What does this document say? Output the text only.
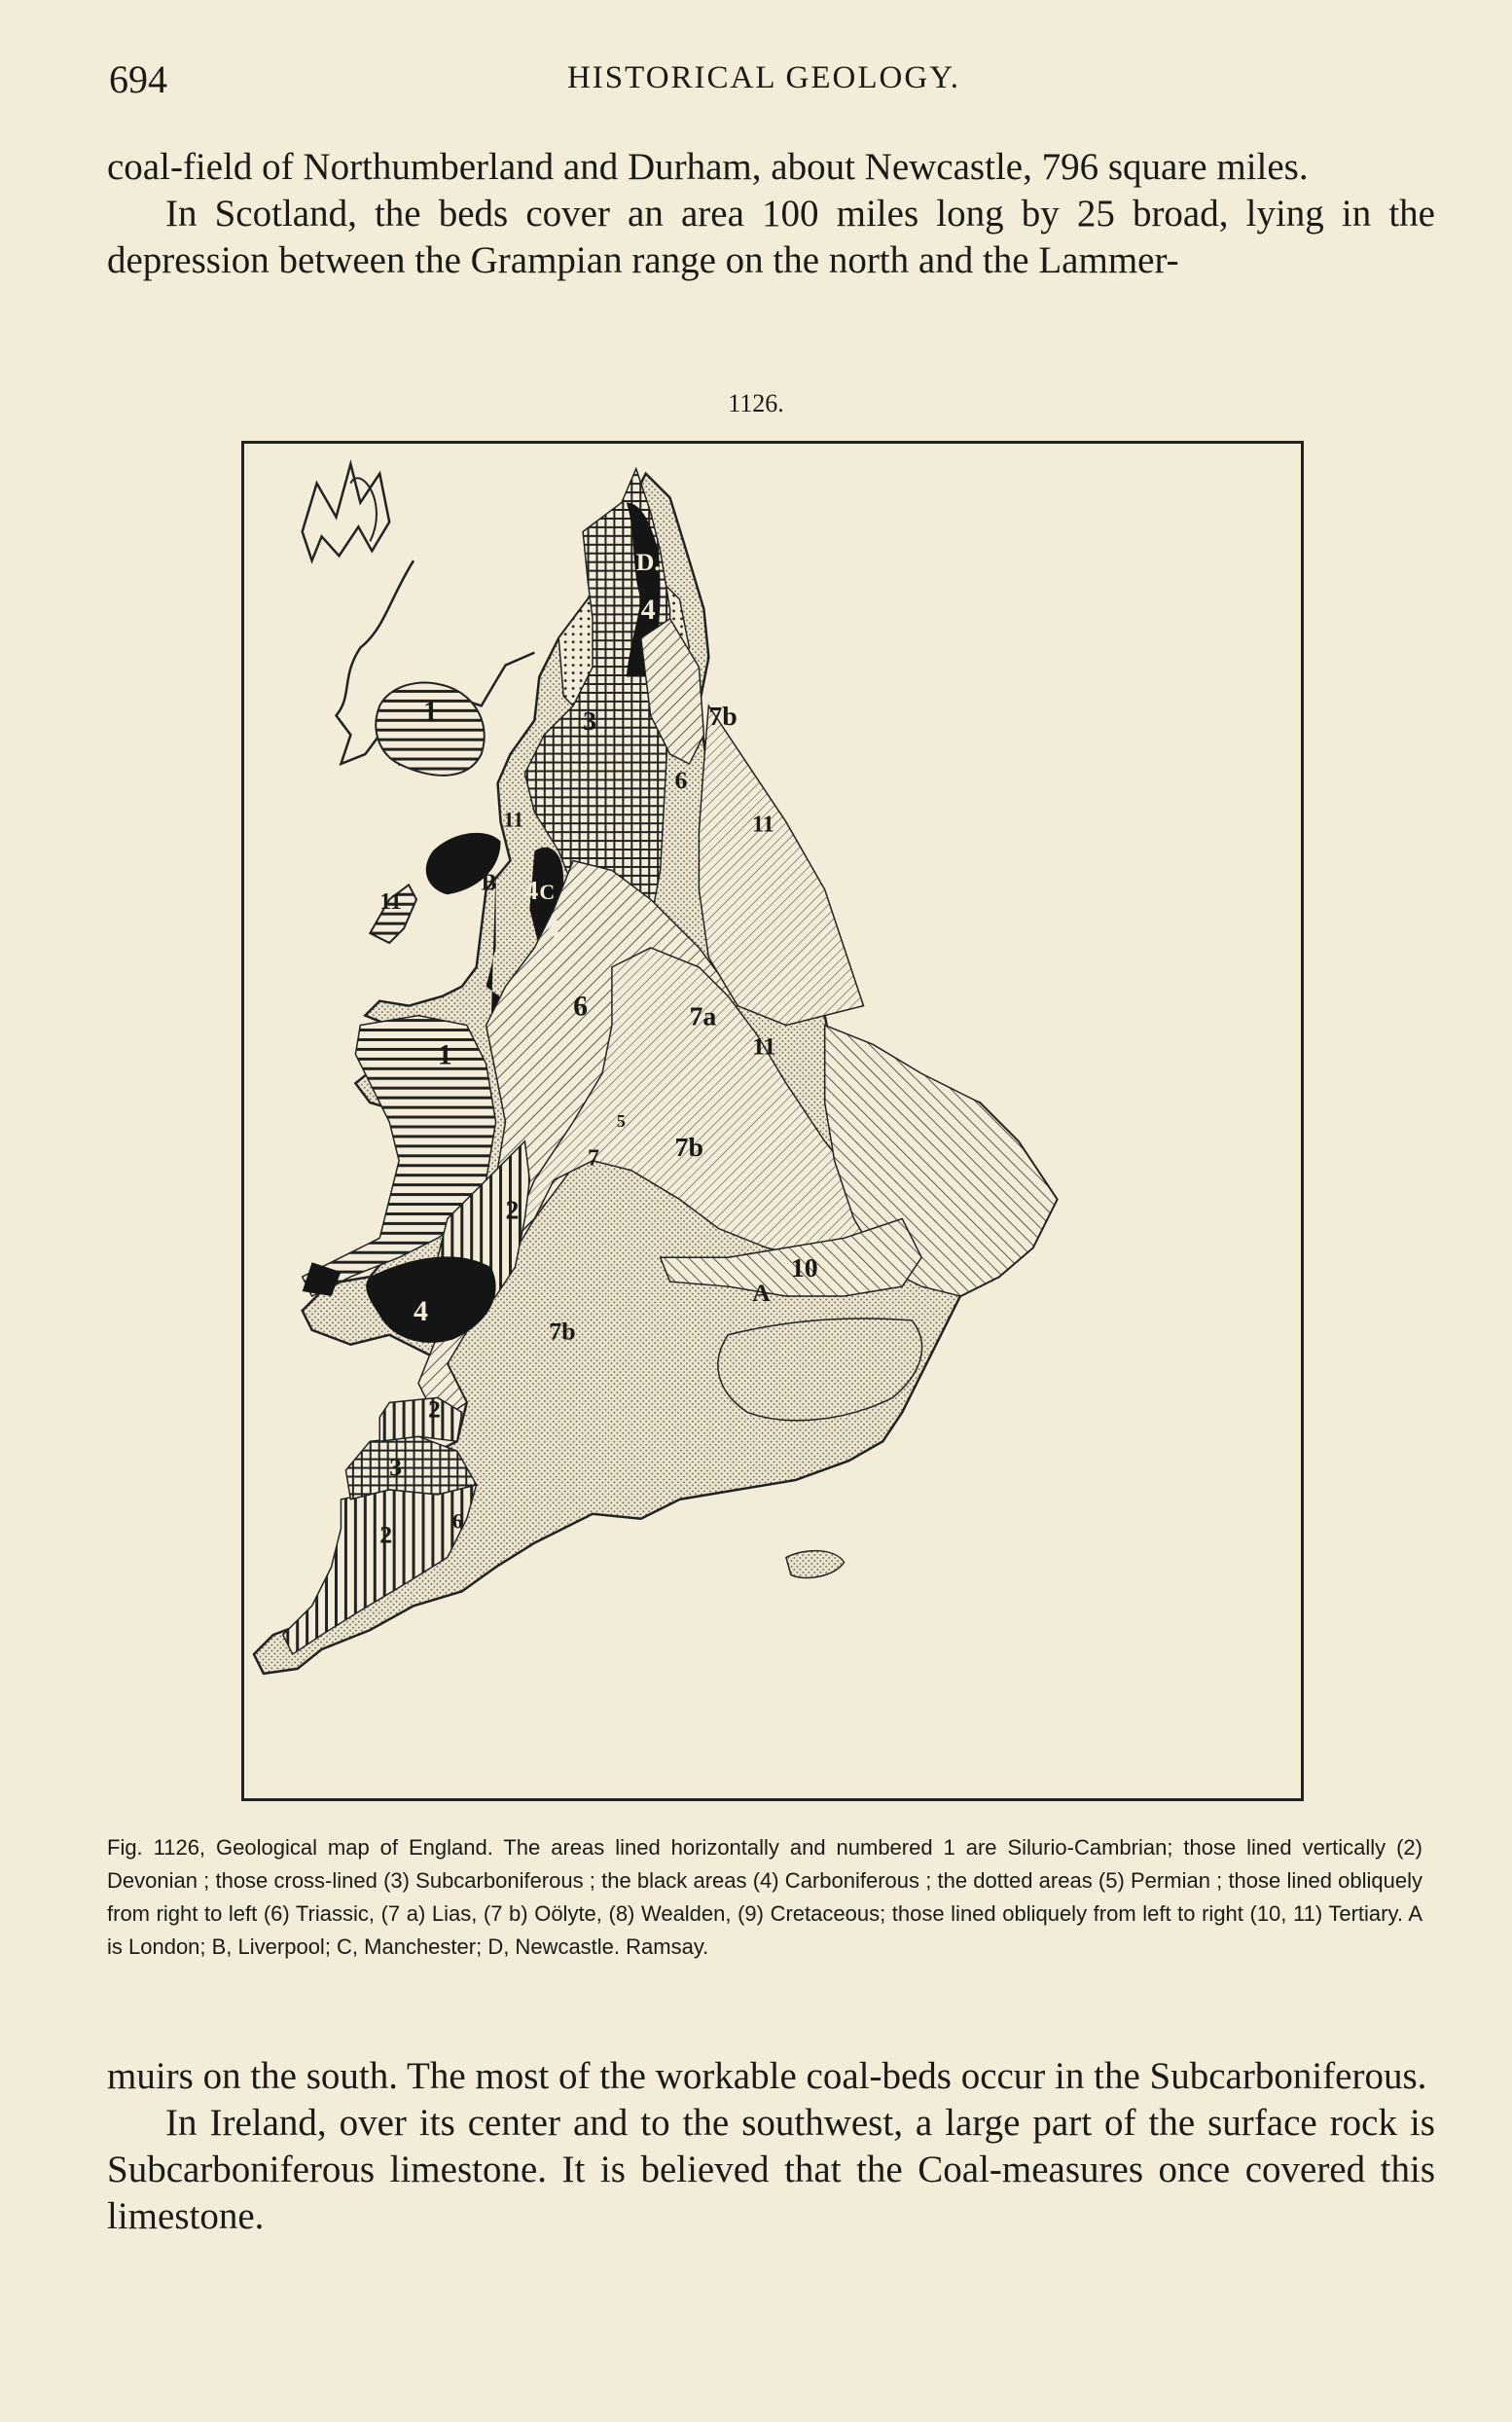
694	HISTORICAL GEOLOGY.

coal-field of Northumberland and Durham, about Newcastle, 796 square miles.

In Scotland, the beds cover an area 100 miles long by 25 broad, lying in the depression between the Grampian range on the north and the Lammer-

1126.
D.
4
4 C
4
4
1	3	7b
6
11
11
11
B
6	7a
11
1
2
7b
7
10
A
7b
2
3
2	6
5
Fig. 1126, Geological map of England. The areas lined horizontally and numbered 1 are Silurio-Cambrian; those lined vertically (2) Devonian ; those cross-lined (3) Subcarboniferous ; the black areas (4) Carboniferous ; the dotted areas (5) Permian ; those lined obliquely from right to left (6) Triassic, (7 a) Lias, (7 b) Oölyte, (8) Wealden, (9) Cretaceous; those lined obliquely from left to right (10, 11) Tertiary. A is London; B, Liverpool; C, Manchester; D, Newcastle. Ramsay.

muirs on the south. The most of the workable coal-beds occur in the Subcarboniferous.

In Ireland, over its center and to the southwest, a large part of the surface rock is Subcarboniferous limestone. It is believed that the Coal-measures once covered this limestone.
